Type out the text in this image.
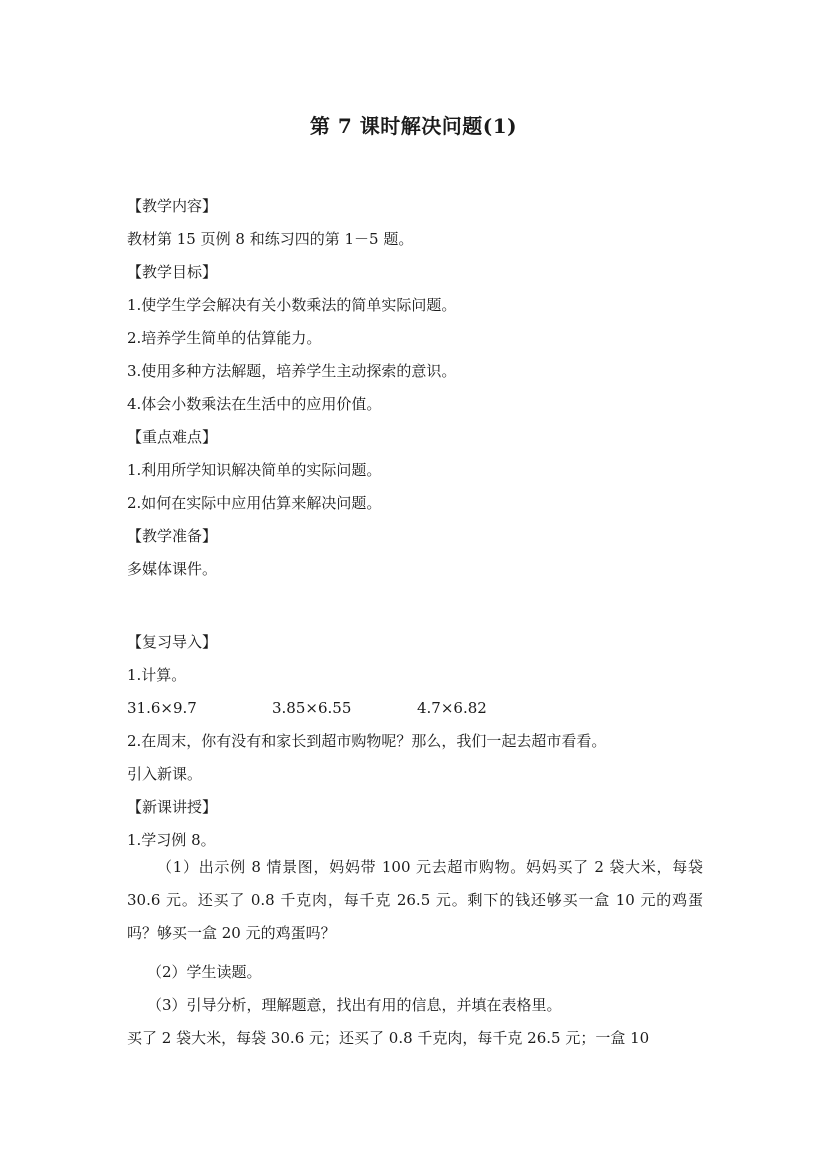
第 7 课时解决问题(1)
【教学内容】
教材第 15 页例 8 和练习四的第 1－5 题。
【教学目标】
1.使学生学会解决有关小数乘法的简单实际问题。
2.培养学生简单的估算能力。
3.使用多种方法解题，培养学生主动探索的意识。
4.体会小数乘法在生活中的应用价值。
【重点难点】
1.利用所学知识解决简单的实际问题。
2.如何在实际中应用估算来解决问题。
【教学准备】
多媒体课件。
【复习导入】
1.计算。
31.6×9.7	3.85×6.55	4.7×6.82
2.在周末，你有没有和家长到超市购物呢？那么，我们一起去超市看看。
引入新课。
【新课讲授】
1.学习例 8。
（1）出示例 8 情景图，妈妈带 100 元去超市购物。妈妈买了 2 袋大米，每袋 30.6 元。还买了 0.8 千克肉，每千克 26.5 元。剩下的钱还够买一盒 10 元的鸡蛋吗？够买一盒 20 元的鸡蛋吗？
（2）学生读题。
（3）引导分析，理解题意，找出有用的信息，并填在表格里。
买了 2 袋大米，每袋 30.6 元；还买了 0.8 千克肉，每千克 26.5 元；一盒 10
